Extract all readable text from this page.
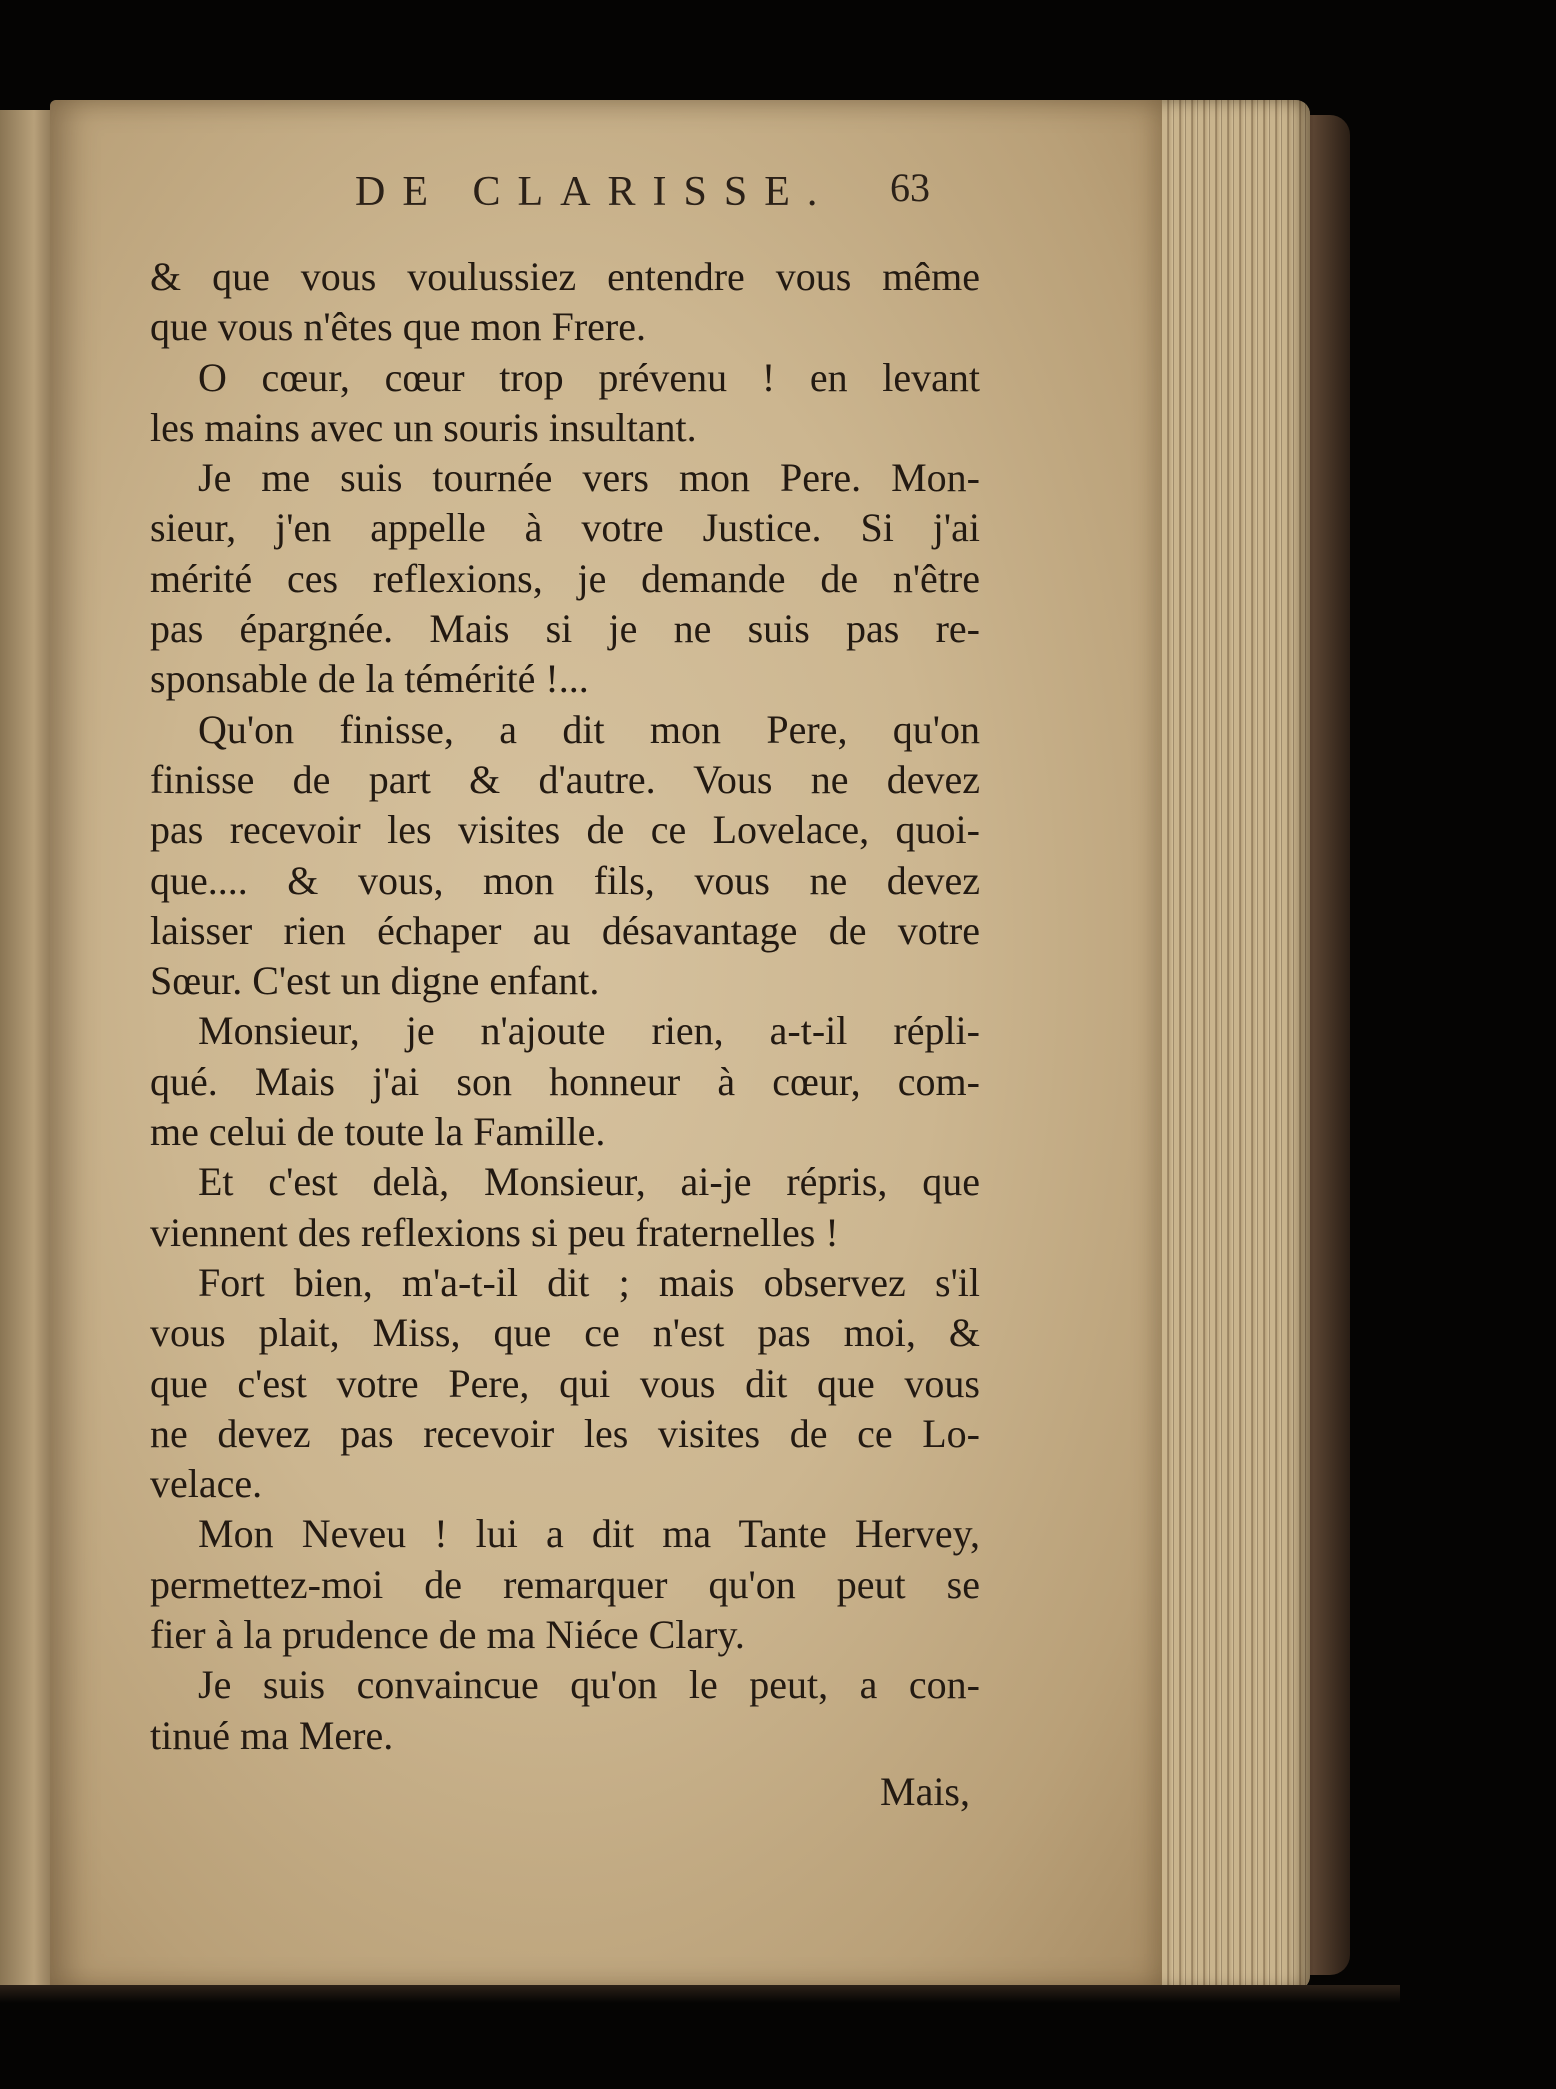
DE CLARISSE. 63
& que vous voulussiez entendre vous même
que vous n'êtes que mon Frere.
O cœur, cœur trop prévenu ! en levant
les mains avec un souris insultant.
Je me suis tournée vers mon Pere. Mon-
sieur, j'en appelle à votre Justice. Si j'ai
mérité ces reflexions, je demande de n'être
pas épargnée. Mais si je ne suis pas re-
sponsable de la témérité !...
Qu'on finisse, a dit mon Pere, qu'on
finisse de part & d'autre. Vous ne devez
pas recevoir les visites de ce Lovelace, quoi-
que.... & vous, mon fils, vous ne devez
laisser rien échaper au désavantage de votre
Sœur. C'est un digne enfant.
Monsieur, je n'ajoute rien, a-t-il répli-
qué. Mais j'ai son honneur à cœur, com-
me celui de toute la Famille.
Et c'est delà, Monsieur, ai-je répris, que
viennent des reflexions si peu fraternelles !
Fort bien, m'a-t-il dit ; mais observez s'il
vous plait, Miss, que ce n'est pas moi, &
que c'est votre Pere, qui vous dit que vous
ne devez pas recevoir les visites de ce Lo-
velace.
Mon Neveu ! lui a dit ma Tante Hervey,
permettez-moi de remarquer qu'on peut se
fier à la prudence de ma Niéce Clary.
Je suis convaincue qu'on le peut, a con-
tinué ma Mere.
Mais,
